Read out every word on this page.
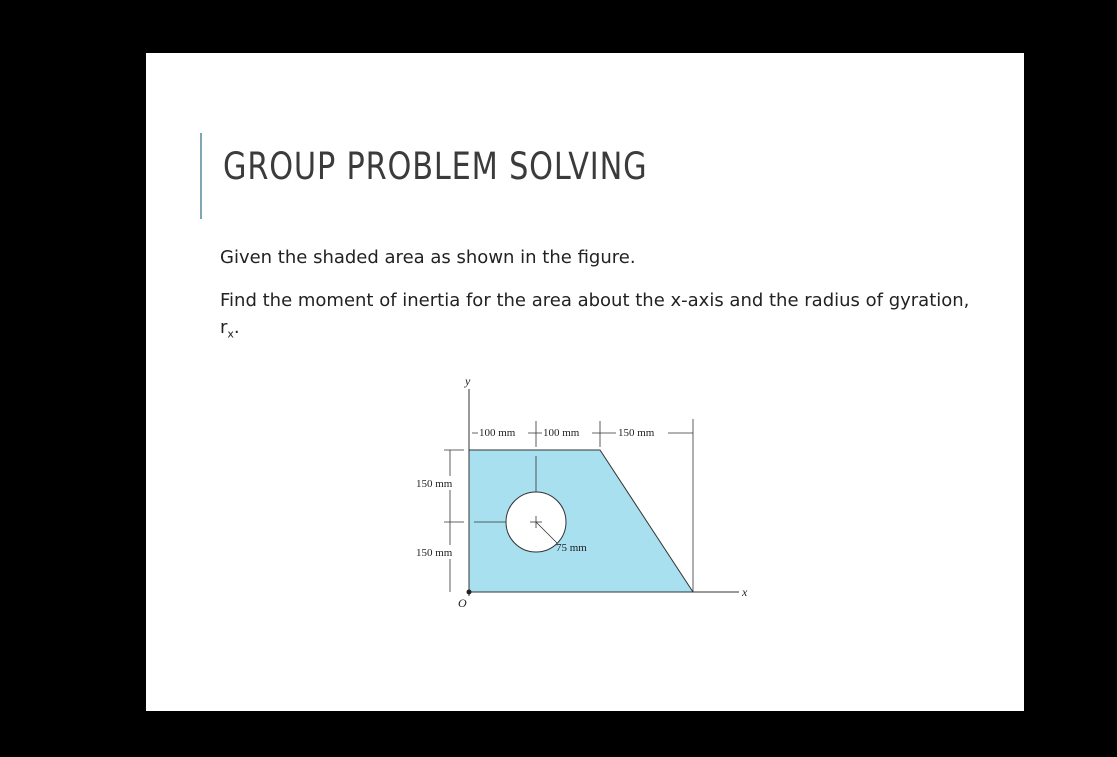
GROUP PROBLEM SOLVING

Given the shaded area as shown in the figure.

Find the moment of inertia for the area about the x-axis and the radius of gyration, $r_x$.

y
x
O
100 mm	100 mm	150 mm
150 mm
150 mm	75 mm
